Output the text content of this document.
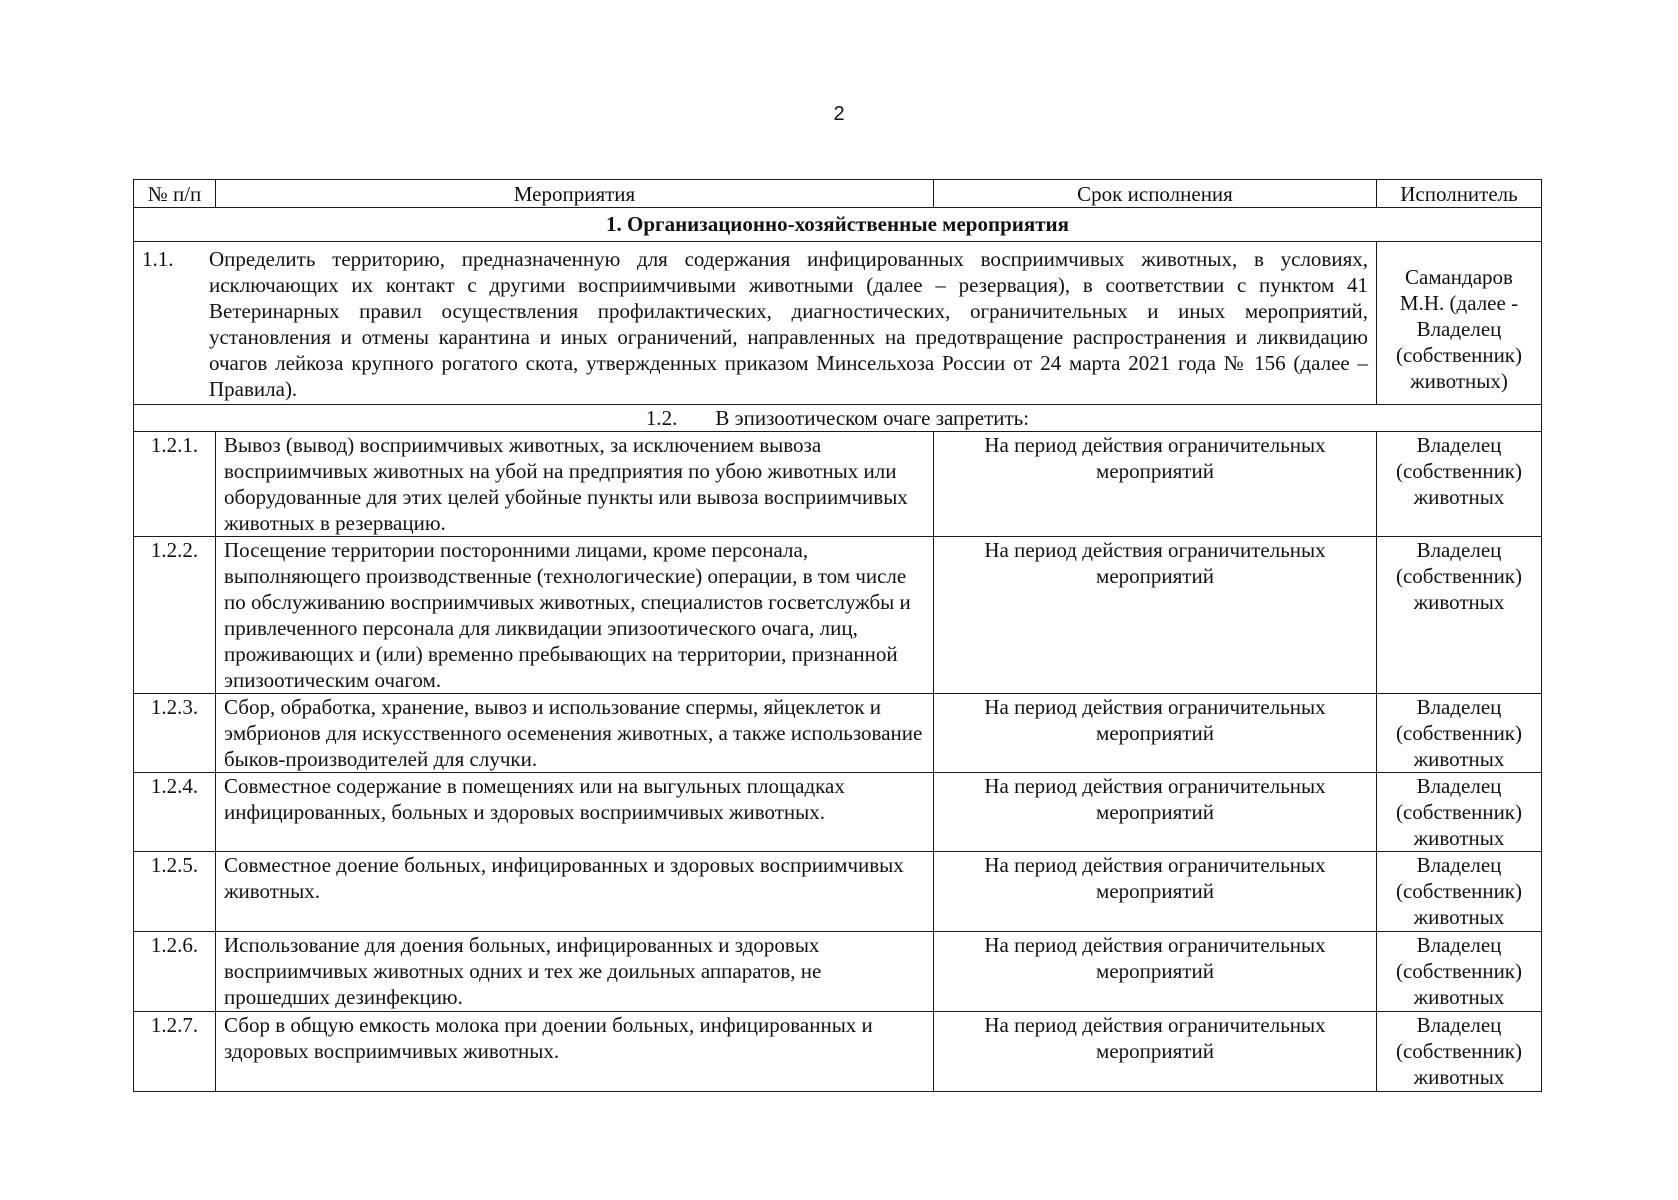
2
№ п/п	Мероприятия	Срок исполнения	Исполнитель
1. Организационно-хозяйственные мероприятия			

1.1. Определить территорию, предназначенную для содержания инфицированных восприимчивых животных, в условиях, исключающих их контакт с другими восприимчивыми животными (далее – резервация), в соответствии с пунктом 41 Ветеринарных правил осуществления профилактических, диагностических, ограничительных и иных мероприятий, установления и отмены карантина и иных ограничений, направленных на предотвращение распространения и ликвидацию очагов лейкоза крупного рогатого скота, утвержденных приказом Минсельхоза России от 24 марта 2021 года № 156 (далее – Правила).			Самандаров М.Н. (далее - Владелец (собственник) животных)
1.2. В эпизоотическом очаге запретить:			
1.2.1.	Вывоз (вывод) восприимчивых животных, за исключением вывоза восприимчивых животных на убой на предприятия по убою животных или оборудованные для этих целей убойные пункты или вывоза восприимчивых животных в резервацию.	На период действия ограничительных мероприятий	Владелец (собственник) животных
1.2.2.	Посещение территории посторонними лицами, кроме персонала, выполняющего производственные (технологические) операции, в том числе по обслуживанию восприимчивых животных, специалистов госветслужбы и привлеченного персонала для ликвидации эпизоотического очага, лиц, проживающих и (или) временно пребывающих на территории, признанной эпизоотическим очагом.	На период действия ограничительных мероприятий	Владелец (собственник) животных
1.2.3.	Сбор, обработка, хранение, вывоз и использование спермы, яйцеклеток и эмбрионов для искусственного осеменения животных, а также использование быков-производителей для случки.	На период действия ограничительных мероприятий	Владелец (собственник) животных
1.2.4.	Совместное содержание в помещениях или на выгульных площадках инфицированных, больных и здоровых восприимчивых животных.	На период действия ограничительных мероприятий	Владелец (собственник) животных
1.2.5.	Совместное доение больных, инфицированных и здоровых восприимчивых животных.	На период действия ограничительных мероприятий	Владелец (собственник) животных
1.2.6.	Использование для доения больных, инфицированных и здоровых восприимчивых животных одних и тех же доильных аппаратов, не прошедших дезинфекцию.	На период действия ограничительных мероприятий	Владелец (собственник) животных
1.2.7.	Сбор в общую емкость молока при доении больных, инфицированных и здоровых восприимчивых животных.	На период действия ограничительных мероприятий	Владелец (собственник) животных
